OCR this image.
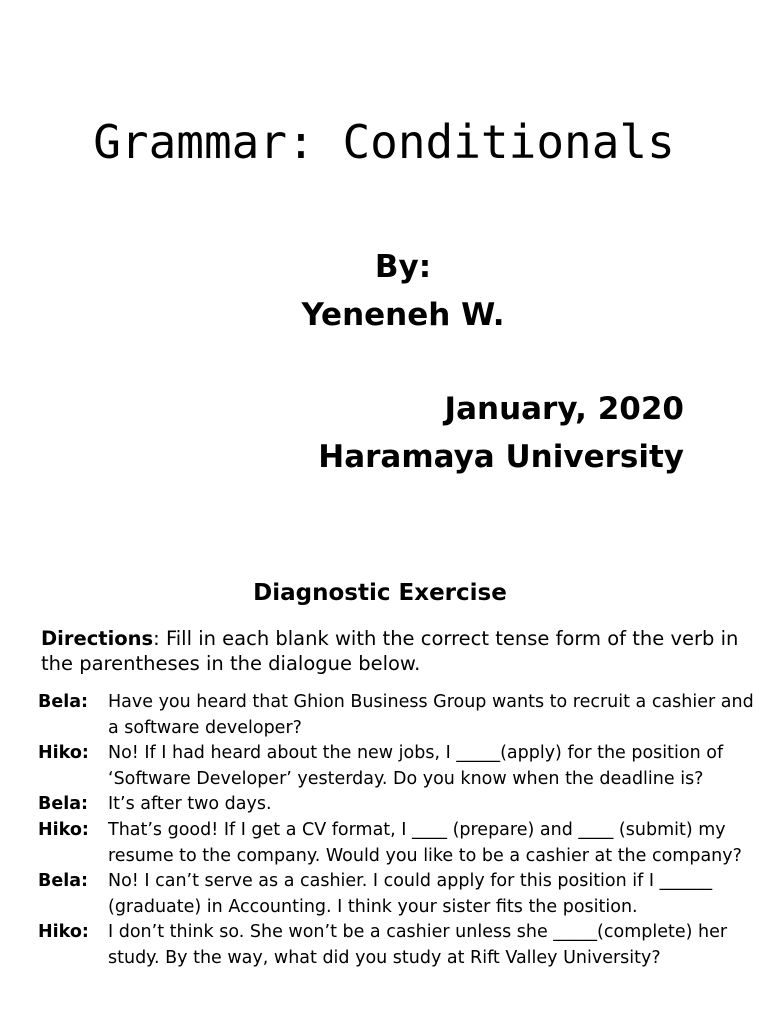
Grammar: Conditionals
By:
Yeneneh W.
January, 2020
Haramaya University
Diagnostic Exercise
Directions: Fill in each blank with the correct tense form of the verb in the parentheses in the dialogue below.
Bela:	Have you heard that Ghion Business Group wants to recruit a cashier and a software developer?
Hiko:	No! If I had heard about the new jobs, I _____(apply) for the position of ‘Software Developer’ yesterday. Do you know when the deadline is?
Bela:	It’s after two days.
Hiko:	That’s good! If I get a CV format, I ____ (prepare) and ____ (submit) my resume to the company. Would you like to be a cashier at the company?
Bela:	No! I can’t serve as a cashier. I could apply for this position if I ______ (graduate) in Accounting. I think your sister fits the position.
Hiko:	I don’t think so. She won’t be a cashier unless she _____(complete) her study. By the way, what did you study at Rift Valley University?
